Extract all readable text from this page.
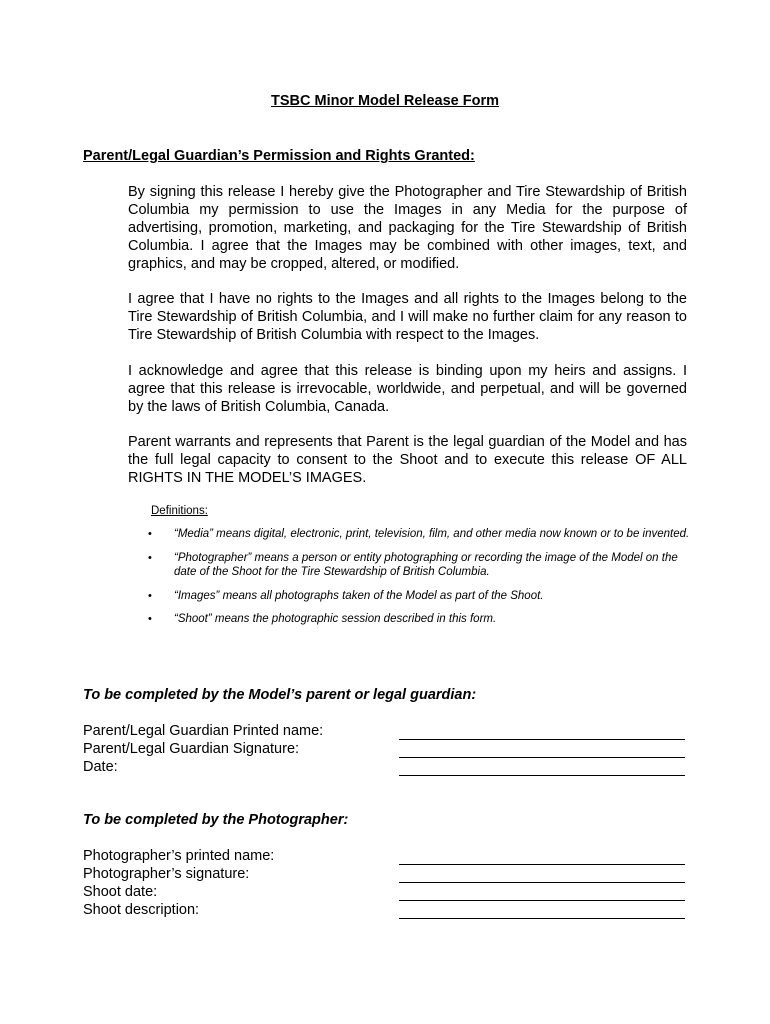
TSBC Minor Model Release Form
Parent/Legal Guardian’s Permission and Rights Granted:
By signing this release I hereby give the Photographer and Tire Stewardship of British Columbia my permission to use the Images in any Media for the purpose of advertising, promotion, marketing, and packaging for the Tire Stewardship of British Columbia. I agree that the Images may be combined with other images, text, and graphics, and may be cropped, altered, or modified.
I agree that I have no rights to the Images and all rights to the Images belong to the Tire Stewardship of British Columbia, and I will make no further claim for any reason to Tire Stewardship of British Columbia with respect to the Images.
I acknowledge and agree that this release is binding upon my heirs and assigns. I agree that this release is irrevocable, worldwide, and perpetual, and will be governed by the laws of British Columbia, Canada.
Parent warrants and represents that Parent is the legal guardian of the Model and has the full legal capacity to consent to the Shoot and to execute this release OF ALL RIGHTS IN THE MODEL’S IMAGES.
Definitions:
• “Media” means digital, electronic, print, television, film, and other media now known or to be invented.
• “Photographer” means a person or entity photographing or recording the image of the Model on the date of the Shoot for the Tire Stewardship of British Columbia.
• “Images” means all photographs taken of the Model as part of the Shoot.
• “Shoot” means the photographic session described in this form.
To be completed by the Model’s parent or legal guardian:
Parent/Legal Guardian Printed name:
Parent/Legal Guardian Signature:
Date:
To be completed by the Photographer:
Photographer’s printed name:
Photographer’s signature:
Shoot date:
Shoot description:
